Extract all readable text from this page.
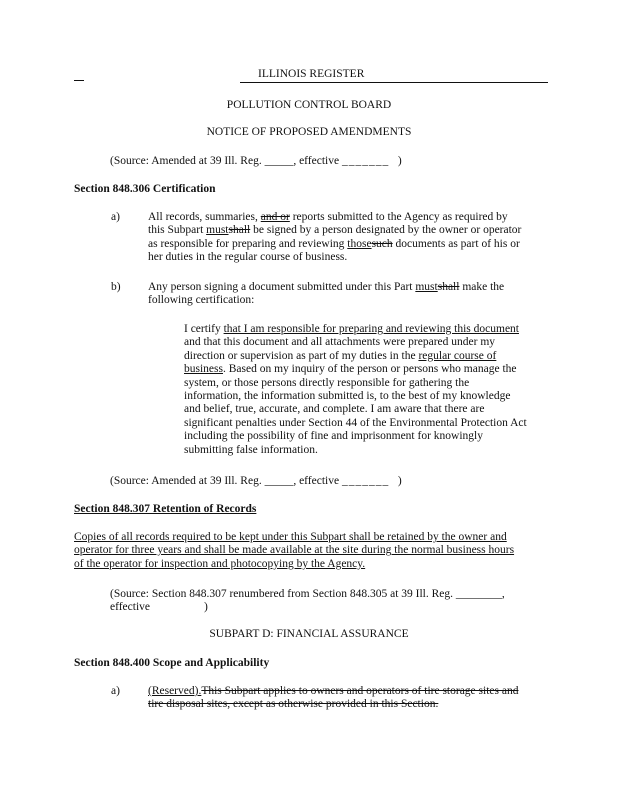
ILLINOIS REGISTER
POLLUTION CONTROL BOARD
NOTICE OF PROPOSED AMENDMENTS
(Source: Amended at 39 Ill. Reg. _____, effective _______ )
Section 848.306 Certification
a) All records, summaries, and or reports submitted to the Agency as required by
this Subpart mustshall be signed by a person designated by the owner or operator
as responsible for preparing and reviewing thosesuch documents as part of his or
her duties in the regular course of business.
b) Any person signing a document submitted under this Part mustshall make the
following certification:
I certify that I am responsible for preparing and reviewing this document
and that this document and all attachments were prepared under my
direction or supervision as part of my duties in the regular course of
business. Based on my inquiry of the person or persons who manage the
system, or those persons directly responsible for gathering the
information, the information submitted is, to the best of my knowledge
and belief, true, accurate, and complete. I am aware that there are
significant penalties under Section 44 of the Environmental Protection Act
including the possibility of fine and imprisonment for knowingly
submitting false information.
(Source: Amended at 39 Ill. Reg. _____, effective _______ )
Section 848.307 Retention of Records
Copies of all records required to be kept under this Subpart shall be retained by the owner and
operator for three years and shall be made available at the site during the normal business hours
of the operator for inspection and photocopying by the Agency.
(Source: Section 848.307 renumbered from Section 848.305 at 39 Ill. Reg. ________,
effective	)
SUBPART D: FINANCIAL ASSURANCE
Section 848.400 Scope and Applicability
a) (Reserved).This Subpart applies to owners and operators of tire storage sites and
tire disposal sites, except as otherwise provided in this Section.
